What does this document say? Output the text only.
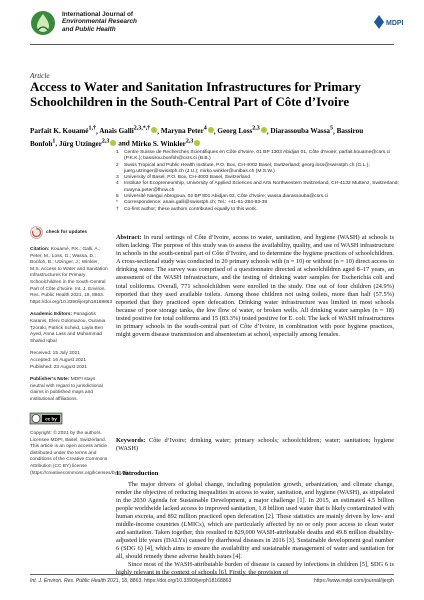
International Journal of
Environmental Research
and Public Health
MDPI
Article
Access to Water and Sanitation Infrastructures for Primary Schoolchildren in the South-Central Part of Côte d’Ivoire
Parfait K. Kouamé$^{1,\dagger}$, Anaïs Galli$^{2,3,*,\dagger}$ , Maryna Peter$^4$ , Georg Loss$^{2,3}$ , Diarassouba Wassa$^5$, Bassirou Bonfoh$^1$, Jürg Utzinger$^{2,3}$ and Mirko S. Winkler$^{2,3}$
1	Centre Suisse de Recherches Scientifiques en Côte d’Ivoire, 01 BP 1303 Abidjan 01, Côte d’Ivoire; parfait.kouame@csrs.ci (P.K.K.); bassirou.bonfoh@csrs.ci (B.B.)
2	Swiss Tropical and Public Health Institute, P.O. Box, CH-4002 Basel, Switzerland; georg.loss@swisstph.ch (G.L.); juerg.utzinger@swisstph.ch (J.U.); mirko.winkler@unibas.ch (M.S.W.)
3	University of Basel, P.O. Box, CH-4003 Basel, Switzerland
4	Institute for Ecopreneurship, University of Applied Sciences and Arts Northwestern Switzerland, CH-4132 Muttenz, Switzerland; maryna.peter@fhnw.ch
5	Université Nangui Abrogoua, 02 BP 801 Abidjan 02, Côte d’Ivoire; wassa.diarassouba@csrs.ci
*	Correspondence: anais.galli@swisstph.ch; Tel.: +41-61-284-83-39
†	Co-first author; these authors contributed equally to this work.
check for updates
Citation: Kouamé, P.K.; Galli, A.; Peter, M.; Loss, G.; Wassa, D.; Bonfoh, B.; Utzinger, J.; Winkler, M.S. Access to Water and Sanitation Infrastructures for Primary Schoolchildren in the South-Central Part of Côte d’Ivoire. Int. J. Environ. Res. Public Health 2021, 18, 8863. https://doi.org/10.3390/ijerph18168863
Academic Editors: Panagiotis Karanis, Eleni Golomazou, Ourania Tzoraki, Patrick Scheid, Layla Ben Ayed, Anna Lass and Muhammad Shahid Iqbal
Received: 15 July 2021
Accepted: 16 August 2021
Published: 23 August 2021
Publisher’s Note: MDPI stays neutral with regard to jurisdictional claims in published maps and institutional affiliations.
cc by
Copyright: © 2021 by the authors. Licensee MDPI, Basel, Switzerland. This article is an open access article distributed under the terms and conditions of the Creative Commons Attribution (CC BY) license (https://creativecommons.org/licenses/by/4.0/).
Abstract: In rural settings of Côte d’Ivoire, access to water, sanitation, and hygiene (WASH) at schools is often lacking. The purpose of this study was to assess the availability, quality, and use of WASH infrastructure in schools in the south-central part of Côte d’Ivoire, and to determine the hygiene practices of schoolchildren. A cross-sectional study was conducted in 20 primary schools with (n = 10) or without (n = 10) direct access to drinking water. The survey was comprised of a questionnaire directed at schoolchildren aged 8–17 years, an assessment of the WASH infrastructure, and the testing of drinking water samples for Escherichia coli and total coliforms. Overall, 771 schoolchildren were enrolled in the study. One out of four children (24.9%) reported that they used available toilets. Among those children not using toilets, more than half (57.5%) reported that they practiced open defecation. Drinking water infrastructure was limited in most schools because of poor storage tanks, the low flow of water, or broken wells. All drinking water samples (n = 18) tested positive for total coliforms and 15 (83.3%) tested positive for E. coli. The lack of WASH infrastructures in primary schools in the south-central part of Côte d’Ivoire, in combination with poor hygiene practices, might govern disease transmission and absenteeism at school, especially among females.
Keywords: Côte d’Ivoire; drinking water; primary schools; schoolchildren; water; sanitation; hygiene (WASH)
1. Introduction

The major drivers of global change, including population growth, urbanization, and climate change, render the objective of reducing inequalities in access to water, sanitation, and hygiene (WASH), as stipulated in the 2030 Agenda for Sustainable Development, a major challenge [1]. In 2015, an estimated 4.5 billion people worldwide lacked access to improved sanitation, 1.8 billion used water that is likely contaminated with human excreta, and 892 million practiced open defecation [2]. These statistics are mainly driven by low- and middle-income countries (LMICs), which are particularly affected by no or only poor access to clean water and sanitation. Taken together, this resulted in 829,000 WASH-attributable deaths and 49.8 million disability-adjusted life years (DALYs) caused by diarrhoeal diseases in 2016 [3]. Sustainable development goal number 6 (SDG 6) [4], which aims to ensure the availability and sustainable management of water and sanitation for all, should remedy these adverse health issues [4].

Since most of the WASH-attributable burden of disease is caused by infections in children [5], SDG 6 is highly relevant in the context of schools [6]. Firstly, the provision of

Int. J. Environ. Res. Public Health 2021, 18, 8863. https://doi.org/10.3390/ijerph18168863	https://www.mdpi.com/journal/ijerph
